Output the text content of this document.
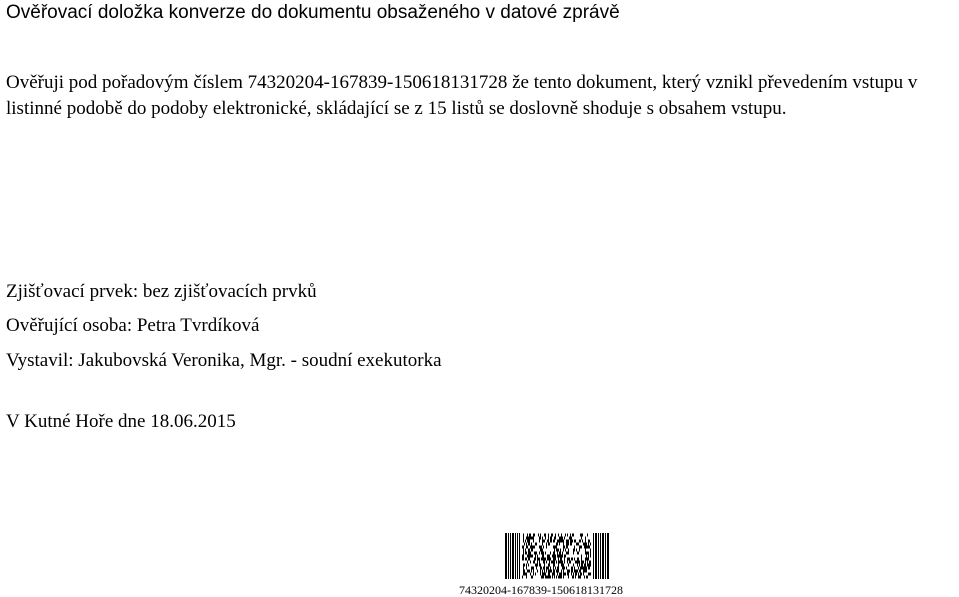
Ověřovací doložka konverze do dokumentu obsaženého v datové zprávě
Ověřuji pod pořadovým číslem 74320204-167839-150618131728 že tento dokument, který vznikl převedením vstupu v listinné podobě do podoby elektronické, skládající se z 15 listů se doslovně shoduje s obsahem vstupu.
Zjišťovací prvek: bez zjišťovacích prvků
Ověřující osoba: Petra Tvrdíková
Vystavil: Jakubovská Veronika, Mgr. - soudní exekutorka
V Kutné Hoře dne 18.06.2015
74320204-167839-150618131728
